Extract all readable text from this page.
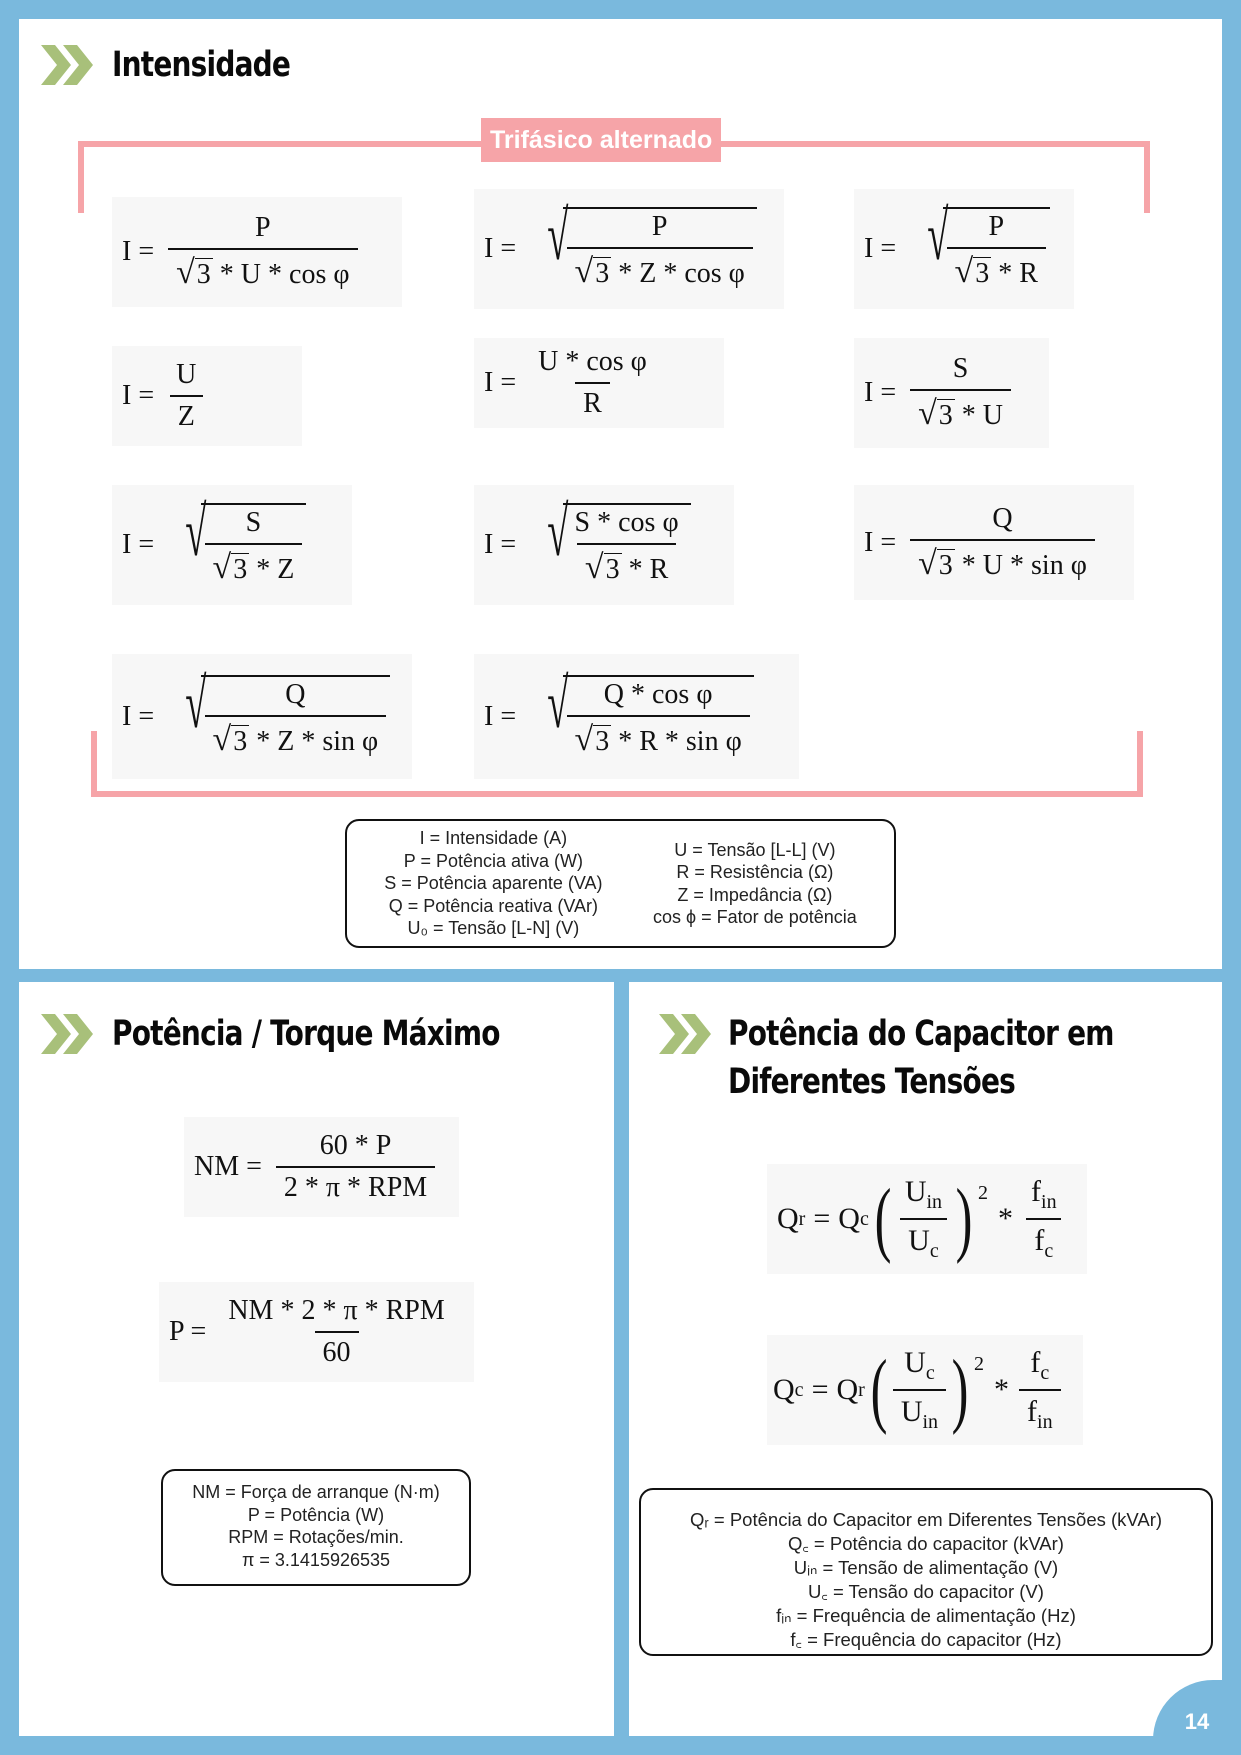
Intensidade
Trifásico alternado
$I = \frac{P}{\text{√ 3 * U * cos φ}}$	I = √
$\frac{P}{\text{√ 3 * Z * cos φ}}$	I = √
$\frac{P}{√ 3 * R}$
$I = \frac{U}{Z}$	$I = \frac{\text{U * cos φ}}{R}$	$I = \frac{S}{√ 3 * U}$
I = √
$\frac{S}{√ 3 * Z}$	I = √
$\frac{\text{S * cos φ}}{√ 3 * R}$	$I = \frac{Q}{\text{√ 3 * U * sin φ}}$
I = √
$\frac{Q}{\text{√ 3 * Z * sin φ}}$	I = √
$\frac{\text{Q * cos φ}}{\text{√ 3 * R * sin φ}}$
I = Intensidade (A)
P = Potência ativa (W)
S = Potência aparente (VA)
Q = Potência reativa (VAr)
U₀ = Tensão [L-N] (V)
U = Tensão [L-L] (V)
R = Resistência (Ω)
Z = Impedância (Ω)
cos ϕ = Fator de potência
Potência / Torque Máximo
NM = $\frac{60 * P}{\text{2 * π * RPM}}$
$P = \frac{\text{NM * 2 * π * RPM}}{60}$
NM = Força de arranque (N·m)
P = Potência (W)
RPM = Rotações/min.
π = 3.1415926535
Potência do Capacitor em
Diferentes Tensões
Q r = Q c ( $\frac{U_{in}}{U_c}$ ) $^2$
* $\frac{f_{in}}{f_c}$
Q c = Q r ( $\frac{U_c}{U_{in}}$ ) $^2$
* $\frac{f_c}{f_{in}}$
Qᵣ = Potência do Capacitor em Diferentes Tensões (kVAr)
Q꜀ = Potência do capacitor (kVAr)
Uᵢₙ = Tensão de alimentação (V)
U꜀ = Tensão do capacitor (V)
fᵢₙ = Frequência de alimentação (Hz)
f꜀ = Frequência do capacitor (Hz)
14
